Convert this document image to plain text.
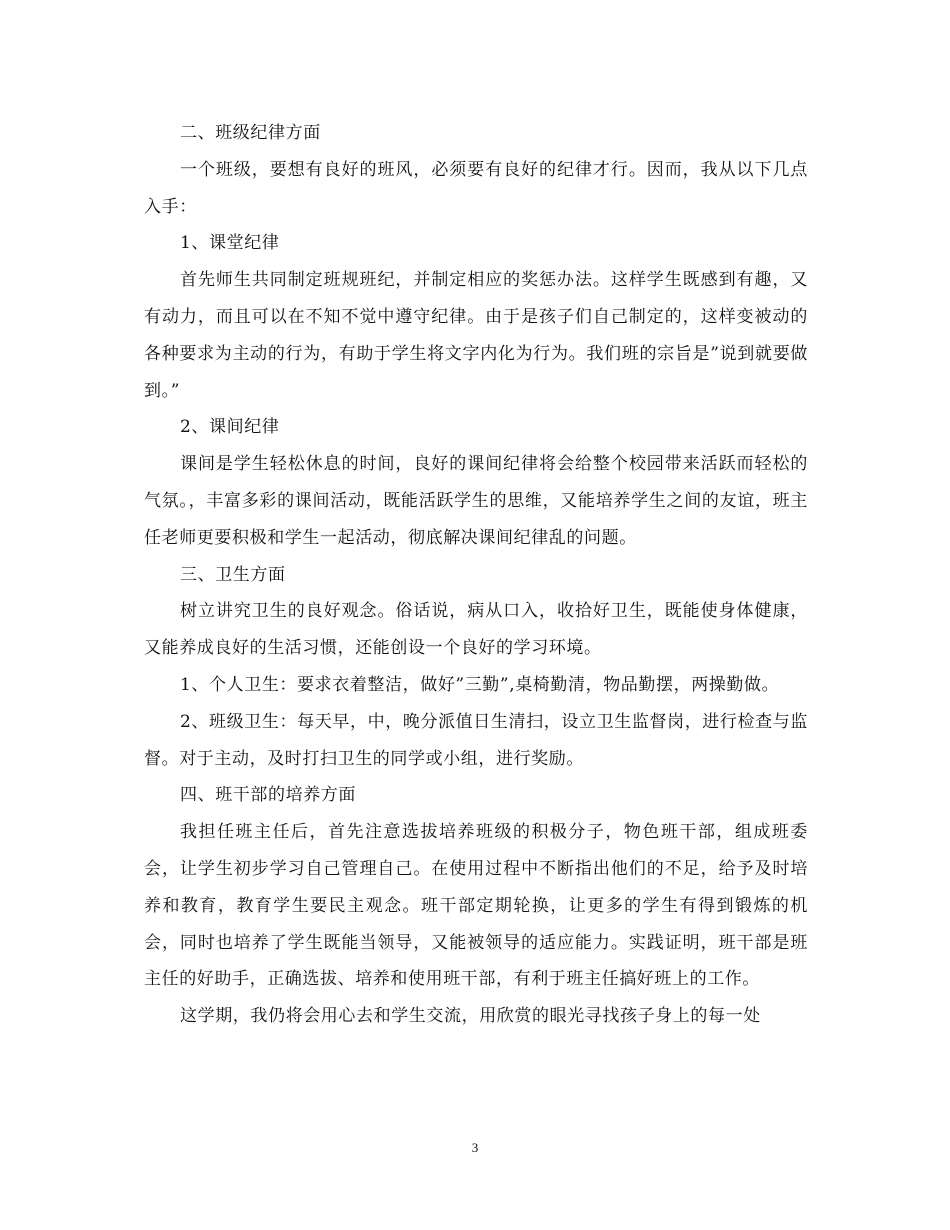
二、班级纪律方面

一个班级，要想有良好的班风，必须要有良好的纪律才行。因而，我从以下几点入手：

1、课堂纪律

首先师生共同制定班规班纪，并制定相应的奖惩办法。这样学生既感到有趣，又有动力，而且可以在不知不觉中遵守纪律。由于是孩子们自己制定的，这样变被动的各种要求为主动的行为，有助于学生将文字内化为行为。我们班的宗旨是”说到就要做到。”

2、课间纪律

课间是学生轻松休息的时间，良好的课间纪律将会给整个校园带来活跃而轻松的气氛。，丰富多彩的课间活动，既能活跃学生的思维，又能培养学生之间的友谊，班主任老师更要积极和学生一起活动，彻底解决课间纪律乱的问题。

三、卫生方面

树立讲究卫生的良好观念。俗话说，病从口入，收拾好卫生，既能使身体健康，又能养成良好的生活习惯，还能创设一个良好的学习环境。

1、个人卫生：要求衣着整洁，做好”三勤”,桌椅勤清，物品勤摆，两操勤做。

2、班级卫生：每天早，中，晚分派值日生清扫，设立卫生监督岗，进行检查与监督。对于主动，及时打扫卫生的同学或小组，进行奖励。

四、班干部的培养方面

我担任班主任后，首先注意选拔培养班级的积极分子，物色班干部，组成班委会，让学生初步学习自己管理自己。在使用过程中不断指出他们的不足，给予及时培养和教育，教育学生要民主观念。班干部定期轮换，让更多的学生有得到锻炼的机会，同时也培养了学生既能当领导，又能被领导的适应能力。实践证明，班干部是班主任的好助手，正确选拔、培养和使用班干部，有利于班主任搞好班上的工作。

这学期，我仍将会用心去和学生交流，用欣赏的眼光寻找孩子身上的每一处

3
